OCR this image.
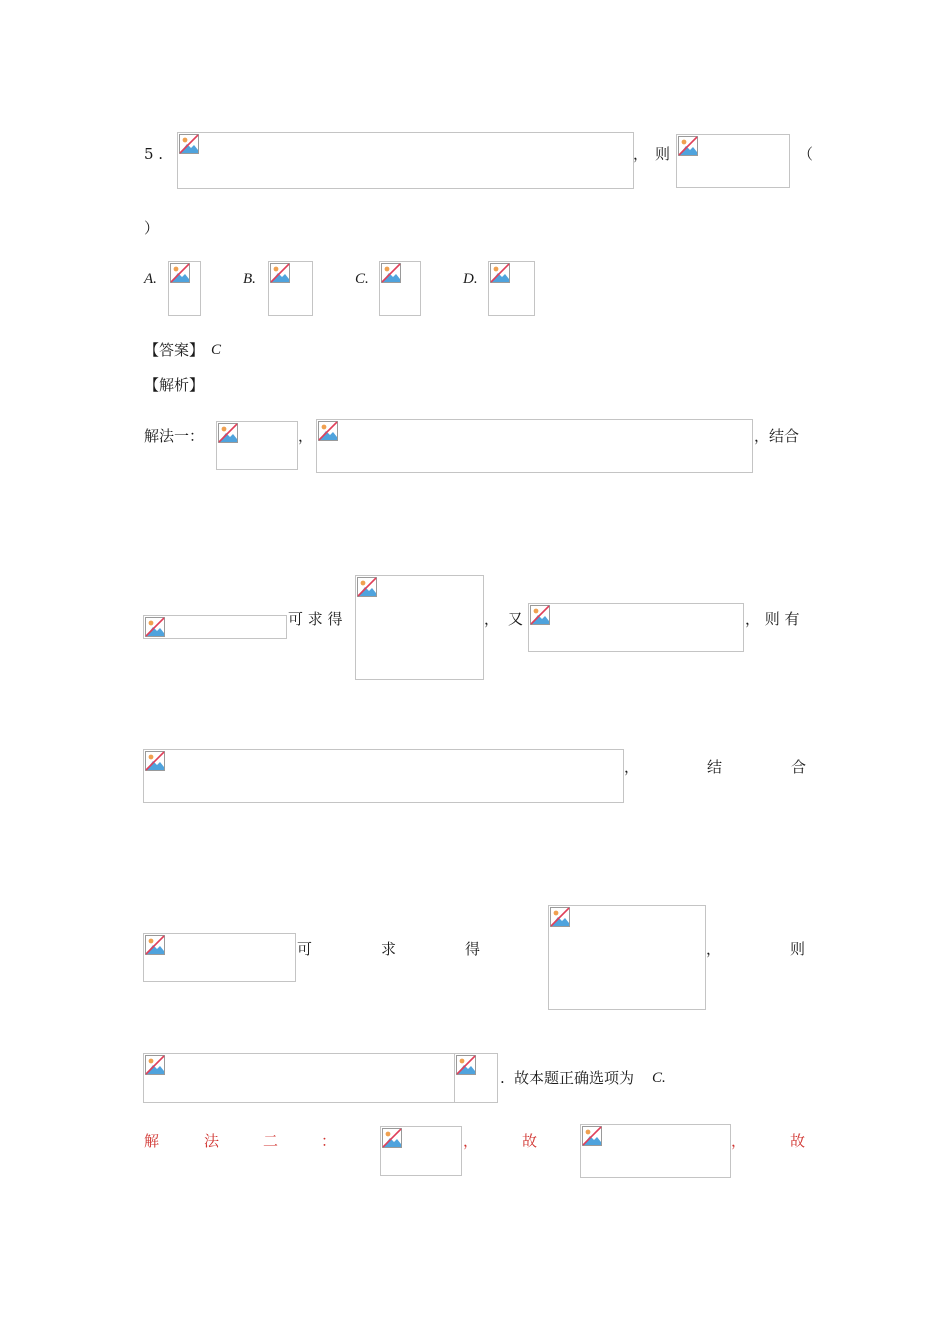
5 .	， 则	（
）
A.	B.	C.	D.
【答案】 C
【解析】
解法一：	，	，结合
可 求 得	， 又	， 则 有
，	结	合
可	求	得	，	则
. 故本题正确选项为 C.
解	法	二	：	，	故	，	故
